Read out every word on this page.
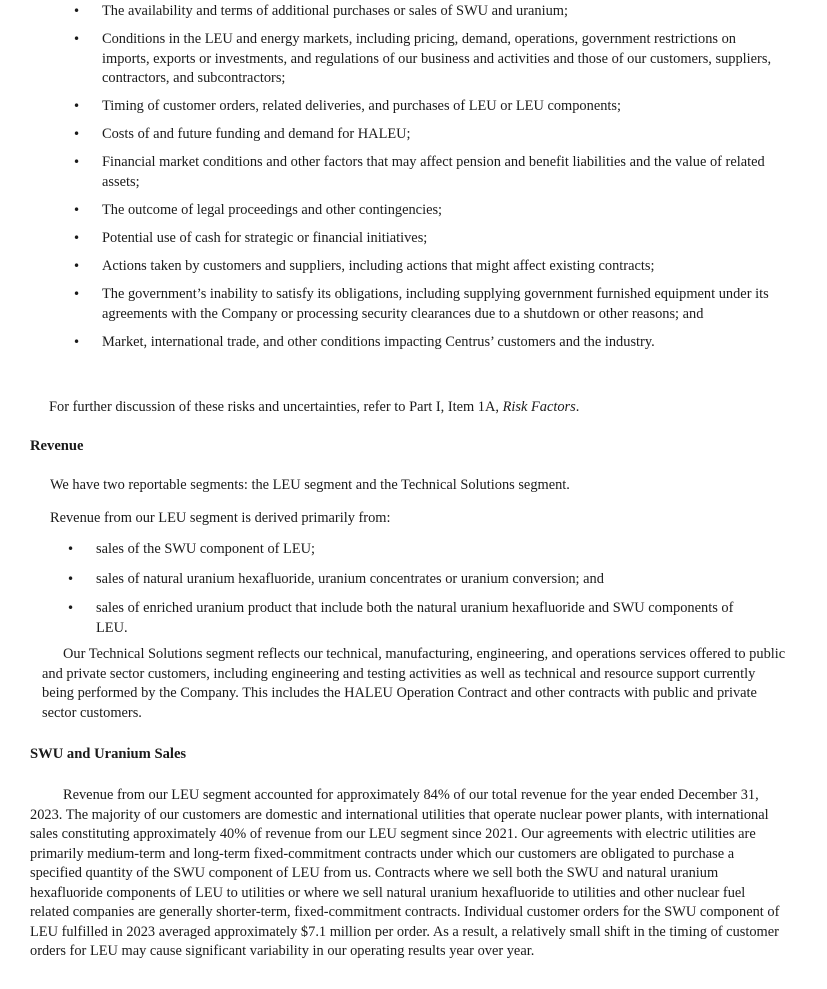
• The availability and terms of additional purchases or sales of SWU and uranium;
• Conditions in the LEU and energy markets, including pricing, demand, operations, government restrictions on imports, exports or investments, and regulations of our business and activities and those of our customers, suppliers, contractors, and subcontractors;
• Timing of customer orders, related deliveries, and purchases of LEU or LEU components;
• Costs of and future funding and demand for HALEU;
• Financial market conditions and other factors that may affect pension and benefit liabilities and the value of related assets;
• The outcome of legal proceedings and other contingencies;
• Potential use of cash for strategic or financial initiatives;
• Actions taken by customers and suppliers, including actions that might affect existing contracts;
• The government’s inability to satisfy its obligations, including supplying government furnished equipment under its agreements with the Company or processing security clearances due to a shutdown or other reasons; and
• Market, international trade, and other conditions impacting Centrus’ customers and the industry.

For further discussion of these risks and uncertainties, refer to Part I, Item 1A, Risk Factors.

Revenue

We have two reportable segments: the LEU segment and the Technical Solutions segment.

Revenue from our LEU segment is derived primarily from:

• sales of the SWU component of LEU;
• sales of natural uranium hexafluoride, uranium concentrates or uranium conversion; and
• sales of enriched uranium product that include both the natural uranium hexafluoride and SWU components of LEU.

Our Technical Solutions segment reflects our technical, manufacturing, engineering, and operations services offered to public and private sector customers, including engineering and testing activities as well as technical and resource support currently being performed by the Company. This includes the HALEU Operation Contract and other contracts with public and private sector customers.

SWU and Uranium Sales

Revenue from our LEU segment accounted for approximately 84% of our total revenue for the year ended December 31, 2023. The majority of our customers are domestic and international utilities that operate nuclear power plants, with international sales constituting approximately 40% of revenue from our LEU segment since 2021. Our agreements with electric utilities are primarily medium-term and long-term fixed-commitment contracts under which our customers are obligated to purchase a specified quantity of the SWU component of LEU from us. Contracts where we sell both the SWU and natural uranium hexafluoride components of LEU to utilities or where we sell natural uranium hexafluoride to utilities and other nuclear fuel related companies are generally shorter-term, fixed-commitment contracts. Individual customer orders for the SWU component of LEU fulfilled in 2023 averaged approximately $7.1 million per order. As a result, a relatively small shift in the timing of customer orders for LEU may cause significant variability in our operating results year over year.
